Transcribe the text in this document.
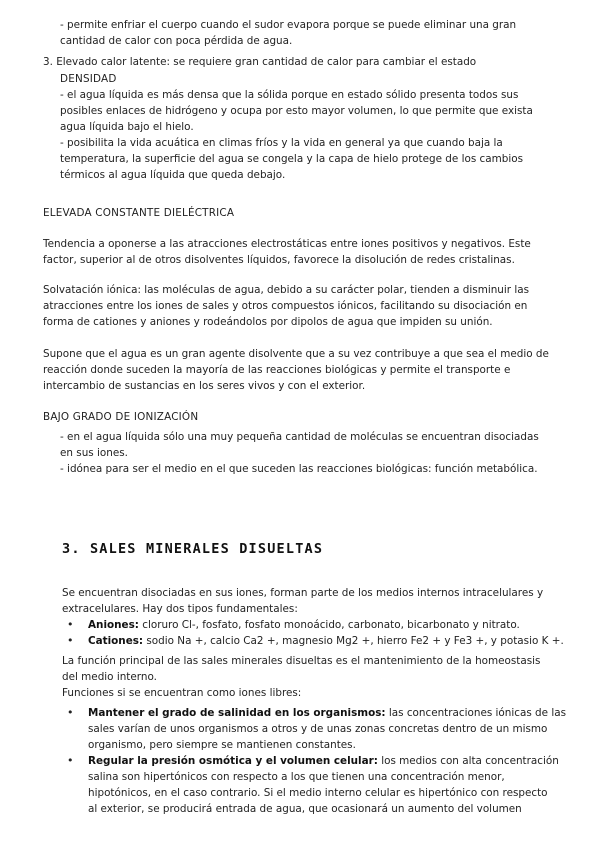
- permite enfriar el cuerpo cuando el sudor evapora porque se puede eliminar una gran
cantidad de calor con poca pérdida de agua.
3. Elevado calor latente: se requiere gran cantidad de calor para cambiar el estado
DENSIDAD
- el agua líquida es más densa que la sólida porque en estado sólido presenta todos sus
posibles enlaces de hidrógeno y ocupa por esto mayor volumen, lo que permite que exista
agua líquida bajo el hielo.
- posibilita la vida acuática en climas fríos y la vida en general ya que cuando baja la
temperatura, la superficie del agua se congela y la capa de hielo protege de los cambios
térmicos al agua líquida que queda debajo.
ELEVADA CONSTANTE DIELÉCTRICA
Tendencia a oponerse a las atracciones electrostáticas entre iones positivos y negativos. Este
factor, superior al de otros disolventes líquidos, favorece la disolución de redes cristalinas.
Solvatación iónica: las moléculas de agua, debido a su carácter polar, tienden a disminuir las
atracciones entre los iones de sales y otros compuestos iónicos, facilitando su disociación en
forma de cationes y aniones y rodeándolos por dipolos de agua que impiden su unión.
Supone que el agua es un gran agente disolvente que a su vez contribuye a que sea el medio de
reacción donde suceden la mayoría de las reacciones biológicas y permite el transporte e
intercambio de sustancias en los seres vivos y con el exterior.
BAJO GRADO DE IONIZACIÓN
- en el agua líquida sólo una muy pequeña cantidad de moléculas se encuentran disociadas
en sus iones.
- idónea para ser el medio en el que suceden las reacciones biológicas: función metabólica.
3. SALES MINERALES DISUELTAS
Se encuentran disociadas en sus iones, forman parte de los medios internos intracelulares y
extracelulares. Hay dos tipos fundamentales:
• Aniones: cloruro Cl-, fosfato, fosfato monoácido, carbonato, bicarbonato y nitrato.
• Cationes: sodio Na +, calcio Ca2 +, magnesio Mg2 +, hierro Fe2 + y Fe3 +, y potasio K +.
La función principal de las sales minerales disueltas es el mantenimiento de la homeostasis
del medio interno.
Funciones si se encuentran como iones libres:
• Mantener el grado de salinidad en los organismos: las concentraciones iónicas de las
sales varían de unos organismos a otros y de unas zonas concretas dentro de un mismo
organismo, pero siempre se mantienen constantes.
• Regular la presión osmótica y el volumen celular: los medios con alta concentración
salina son hipertónicos con respecto a los que tienen una concentración menor,
hipotónicos, en el caso contrario. Si el medio interno celular es hipertónico con respecto
al exterior, se producirá entrada de agua, que ocasionará un aumento del volumen
